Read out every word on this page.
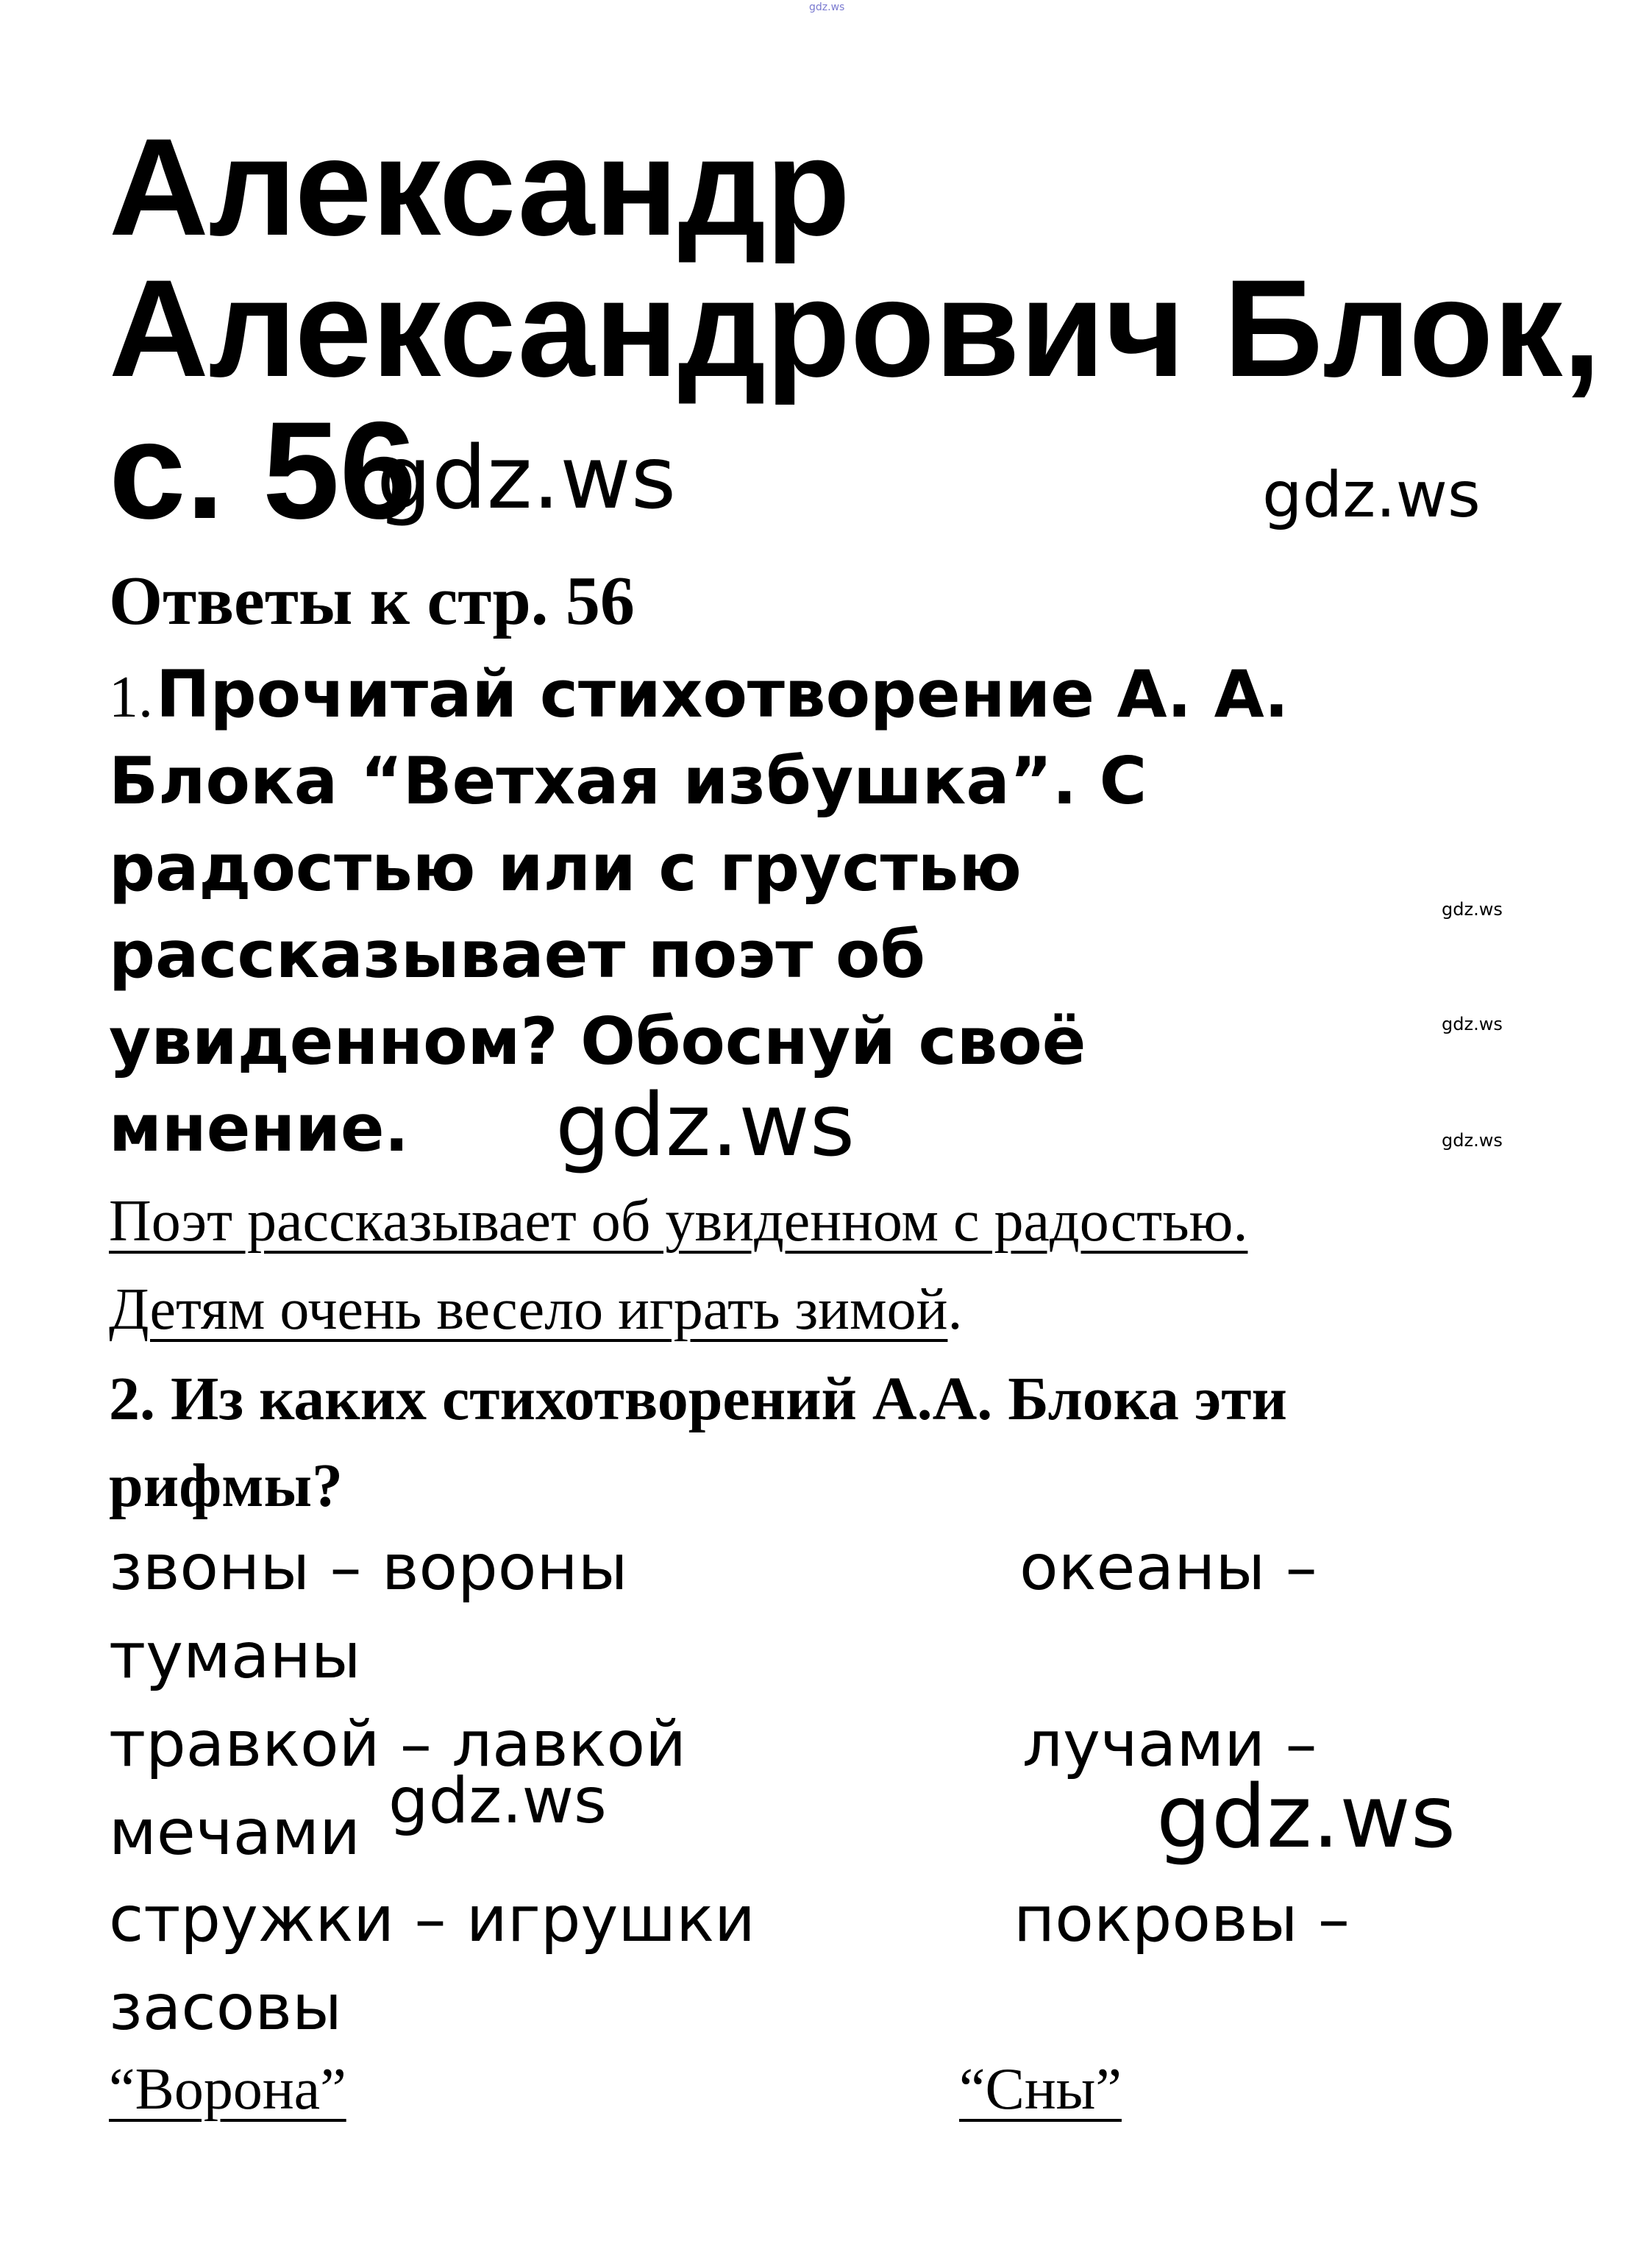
gdz.ws
Александр
Александрович Блок,
с. 56
gdz.ws	gdz.ws
Ответы к стр. 56
1. Прочитай стихотворение А. А.
Блока “Ветхая избушка”. С
радостью или с грустью
рассказывает поэт об
увиденном? Обоснуй своё
мнение. gdz.ws
gdz.ws
gdz.ws
gdz.ws
Поэт рассказывает об увиденном с радостью.
Детям очень весело играть зимой.
2. Из каких стихотворений А.А. Блока эти
рифмы?
звоны – вороны	океаны –
туманы
травкой – лавкой	лучами –
мечами gdz.ws	gdz.ws
стружки – игрушки	покровы –
засовы
“Ворона”	“Сны”
